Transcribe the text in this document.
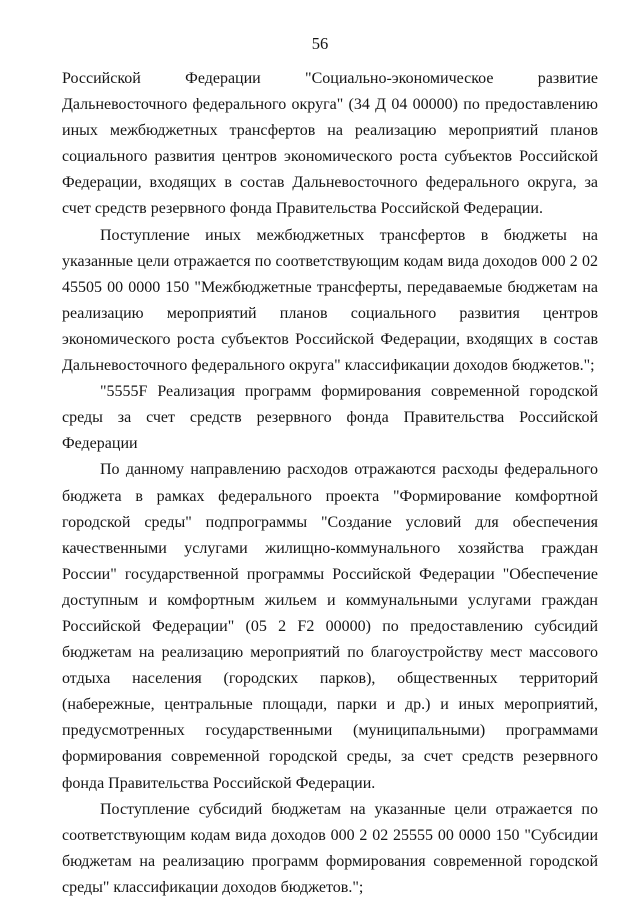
56

Российской Федерации "Социально-экономическое развитие Дальневосточного федерального округа" (34 Д 04 00000) по предоставлению иных межбюджетных трансфертов на реализацию мероприятий планов социального развития центров экономического роста субъектов Российской Федерации, входящих в состав Дальневосточного федерального округа, за счет средств резервного фонда Правительства Российской Федерации.

Поступление иных межбюджетных трансфертов в бюджеты на указанные цели отражается по соответствующим кодам вида доходов 000 2 02 45505 00 0000 150 "Межбюджетные трансферты, передаваемые бюджетам на реализацию мероприятий планов социального развития центров экономического роста субъектов Российской Федерации, входящих в состав Дальневосточного федерального округа" классификации доходов бюджетов.";

"5555F Реализация программ формирования современной городской среды за счет средств резервного фонда Правительства Российской Федерации

По данному направлению расходов отражаются расходы федерального бюджета в рамках федерального проекта "Формирование комфортной городской среды" подпрограммы "Создание условий для обеспечения качественными услугами жилищно-коммунального хозяйства граждан России" государственной программы Российской Федерации "Обеспечение доступным и комфортным жильем и коммунальными услугами граждан Российской Федерации" (05 2 F2 00000) по предоставлению субсидий бюджетам на реализацию мероприятий по благоустройству мест массового отдыха населения (городских парков), общественных территорий (набережные, центральные площади, парки и др.) и иных мероприятий, предусмотренных государственными (муниципальными) программами формирования современной городской среды, за счет средств резервного фонда Правительства Российской Федерации.

Поступление субсидий бюджетам на указанные цели отражается по соответствующим кодам вида доходов 000 2 02 25555 00 0000 150 "Субсидии бюджетам на реализацию программ формирования современной городской среды" классификации доходов бюджетов.";
